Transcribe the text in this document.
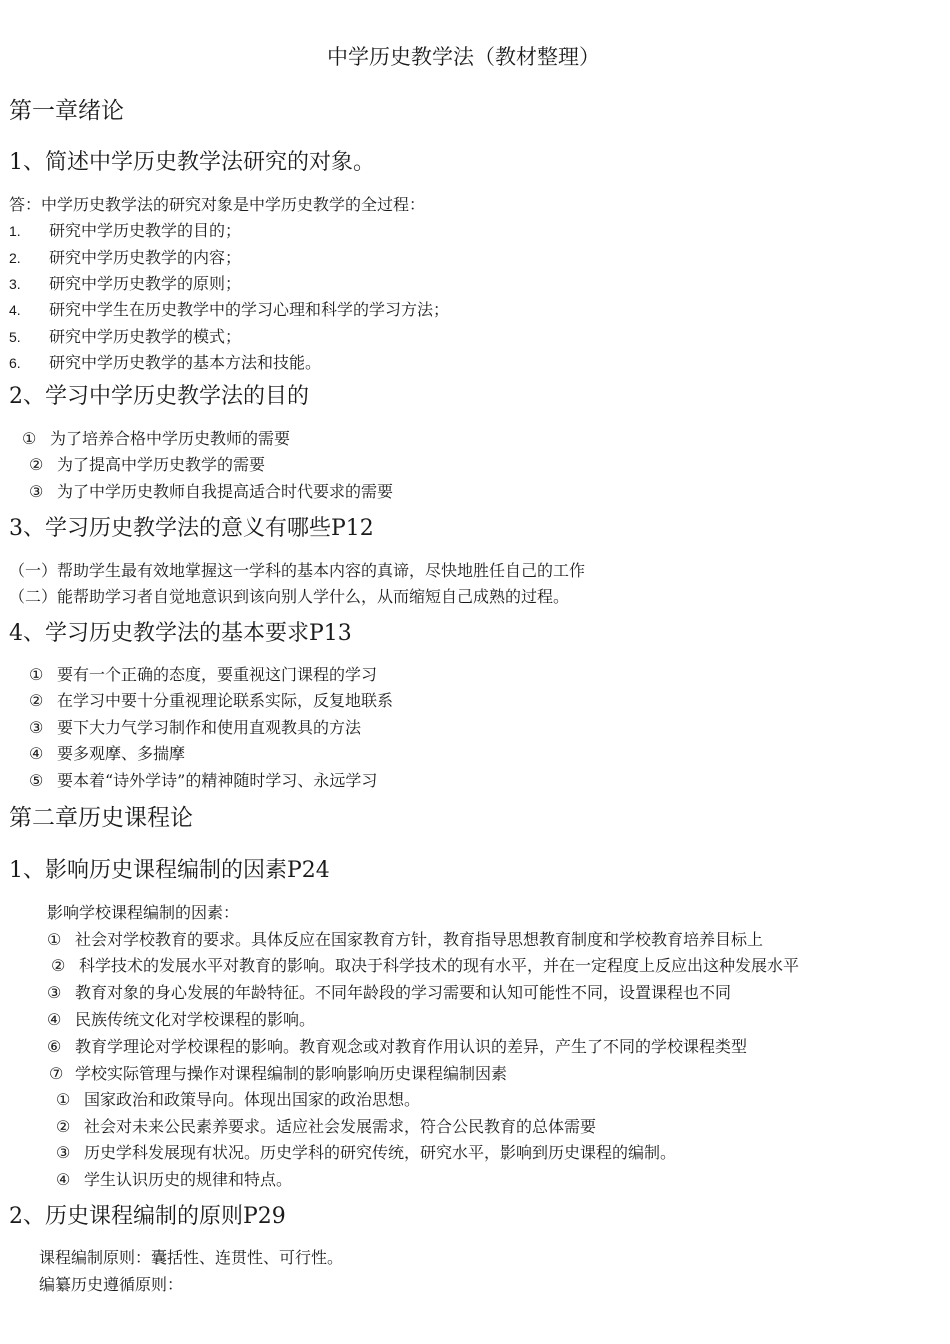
中学历史教学法（教材整理）
第一章绪论
1、简述中学历史教学法研究的对象。
答：中学历史教学法的研究对象是中学历史教学的全过程：
1. 研究中学历史教学的目的；
2. 研究中学历史教学的内容；
3. 研究中学历史教学的原则；
4. 研究中学生在历史教学中的学习心理和科学的学习方法；
5. 研究中学历史教学的模式；
6. 研究中学历史教学的基本方法和技能。
2、学习中学历史教学法的目的
① 为了培养合格中学历史教师的需要
② 为了提高中学历史教学的需要
③ 为了中学历史教师自我提高适合时代要求的需要
3、学习历史教学法的意义有哪些P12
（一）帮助学生最有效地掌握这一学科的基本内容的真谛，尽快地胜任自己的工作
（二）能帮助学习者自觉地意识到该向别人学什么，从而缩短自己成熟的过程。
4、学习历史教学法的基本要求P13
① 要有一个正确的态度，要重视这门课程的学习
② 在学习中要十分重视理论联系实际，反复地联系
③ 要下大力气学习制作和使用直观教具的方法
④ 要多观摩、多揣摩
⑤ 要本着“诗外学诗”的精神随时学习、永远学习
第二章历史课程论
1、影响历史课程编制的因素P24
影响学校课程编制的因素：
① 社会对学校教育的要求。具体反应在国家教育方针，教育指导思想教育制度和学校教育培养目标上
② 科学技术的发展水平对教育的影响。取决于科学技术的现有水平，并在一定程度上反应出这种发展水平
③ 教育对象的身心发展的年龄特征。不同年龄段的学习需要和认知可能性不同，设置课程也不同
④ 民族传统文化对学校课程的影响。
⑥ 教育学理论对学校课程的影响。教育观念或对教育作用认识的差异，产生了不同的学校课程类型
⑦ 学校实际管理与操作对课程编制的影响影响历史课程编制因素
① 国家政治和政策导向。体现出国家的政治思想。
② 社会对未来公民素养要求。适应社会发展需求，符合公民教育的总体需要
③ 历史学科发展现有状况。历史学科的研究传统，研究水平，影响到历史课程的编制。
④ 学生认识历史的规律和特点。
2、历史课程编制的原则P29
课程编制原则：囊括性、连贯性、可行性。
编纂历史遵循原则：
